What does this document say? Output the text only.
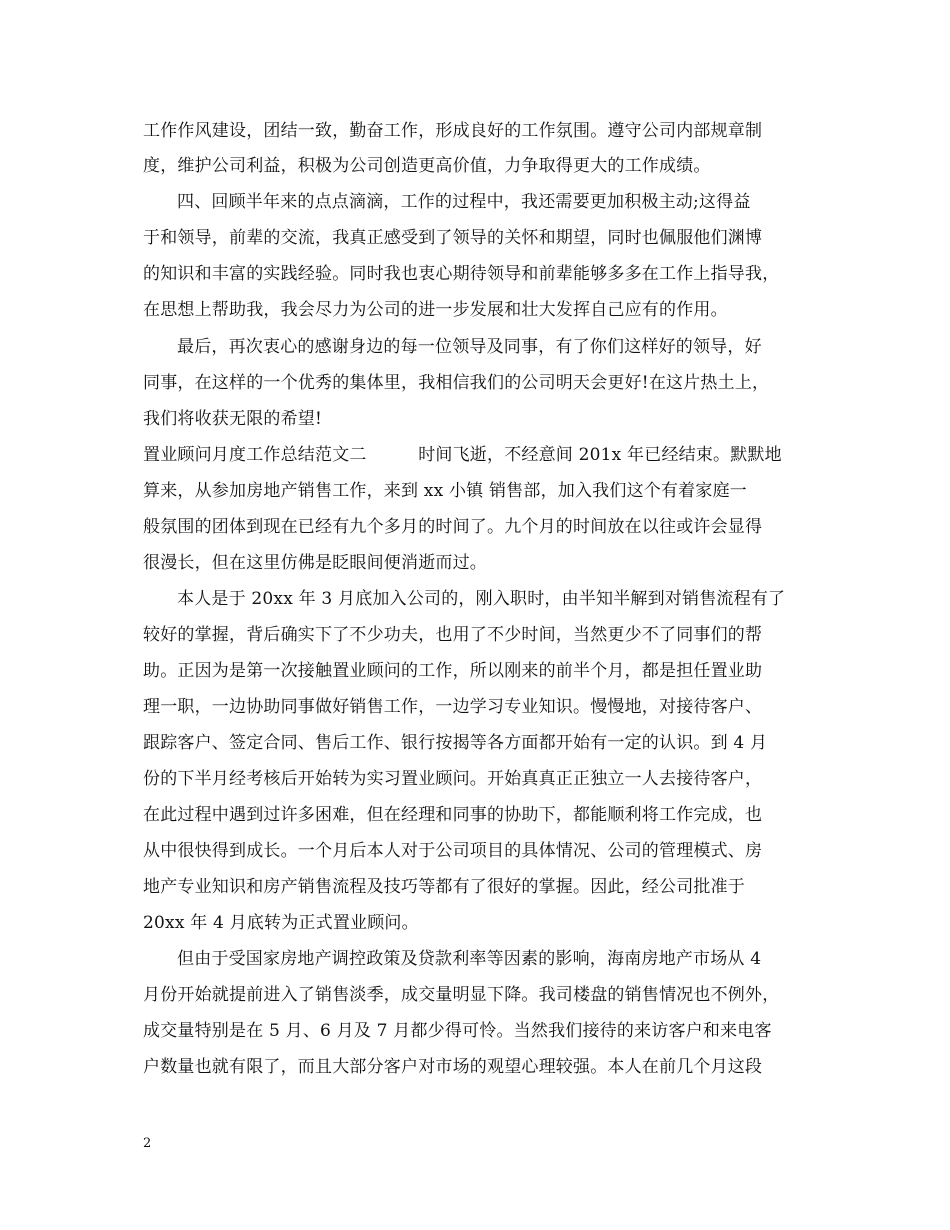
工作作风建设，团结一致，勤奋工作，形成良好的工作氛围。遵守公司内部规章制
度，维护公司利益，积极为公司创造更高价值，力争取得更大的工作成绩。
四、回顾半年来的点点滴滴，工作的过程中，我还需要更加积极主动;这得益
于和领导，前辈的交流，我真正感受到了领导的关怀和期望，同时也佩服他们渊博
的知识和丰富的实践经验。同时我也衷心期待领导和前辈能够多多在工作上指导我，
在思想上帮助我，我会尽力为公司的进一步发展和壮大发挥自己应有的作用。
最后，再次衷心的感谢身边的每一位领导及同事，有了你们这样好的领导，好
同事，在这样的一个优秀的集体里，我相信我们的公司明天会更好!在这片热土上，
我们将收获无限的希望!
置业顾问月度工作总结范文二　　　时间飞逝，不经意间 201x 年已经结束。默默地
算来，从参加房地产销售工作，来到 xx 小镇 销售部，加入我们这个有着家庭一
般氛围的团体到现在已经有九个多月的时间了。九个月的时间放在以往或许会显得
很漫长，但在这里仿佛是眨眼间便消逝而过。
本人是于 20xx 年 3 月底加入公司的，刚入职时，由半知半解到对销售流程有了
较好的掌握，背后确实下了不少功夫，也用了不少时间，当然更少不了同事们的帮
助。正因为是第一次接触置业顾问的工作，所以刚来的前半个月，都是担任置业助
理一职，一边协助同事做好销售工作，一边学习专业知识。慢慢地，对接待客户、
跟踪客户、签定合同、售后工作、银行按揭等各方面都开始有一定的认识。到 4 月
份的下半月经考核后开始转为实习置业顾问。开始真真正正独立一人去接待客户，
在此过程中遇到过许多困难，但在经理和同事的协助下，都能顺利将工作完成，也
从中很快得到成长。一个月后本人对于公司项目的具体情况、公司的管理模式、房
地产专业知识和房产销售流程及技巧等都有了很好的掌握。因此，经公司批准于
20xx 年 4 月底转为正式置业顾问。
但由于受国家房地产调控政策及贷款利率等因素的影响，海南房地产市场从 4
月份开始就提前进入了销售淡季，成交量明显下降。我司楼盘的销售情况也不例外，
成交量特别是在 5 月、6 月及 7 月都少得可怜。当然我们接待的来访客户和来电客
户数量也就有限了，而且大部分客户对市场的观望心理较强。本人在前几个月这段
2
